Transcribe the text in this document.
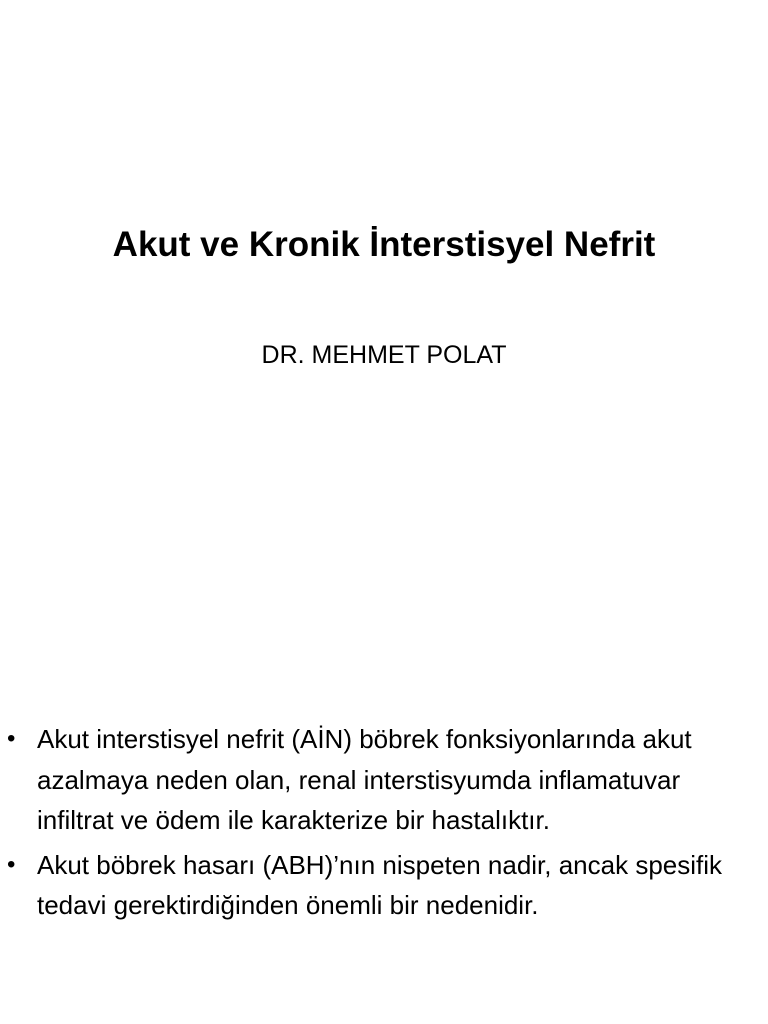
Akut ve Kronik İnterstisyel Nefrit
DR. MEHMET POLAT
• Akut interstisyel nefrit (AİN) böbrek fonksiyonlarında akut azalmaya neden olan, renal interstisyumda inflamatuvar infiltrat ve ödem ile karakterize bir hastalıktır.
• Akut böbrek hasarı (ABH)’nın nispeten nadir, ancak spesifik tedavi gerektirdiğinden önemli bir nedenidir.
